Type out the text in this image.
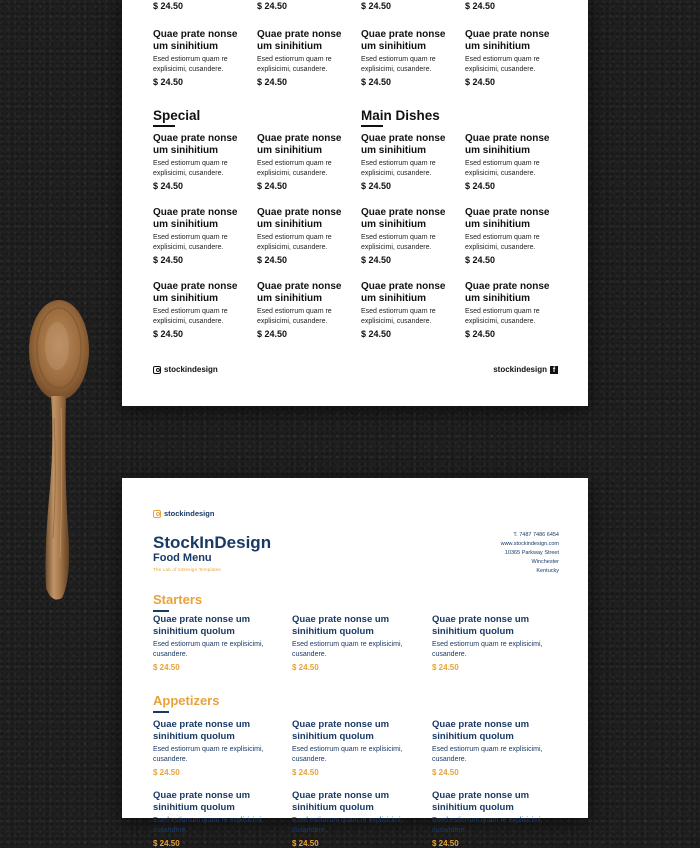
$ 24.50	$ 24.50	$ 24.50	$ 24.50
Special	Main Dishes
Quae prate nonse um sinihitium
Esed estiorrum quam re explisicimi, cusandere.
$ 24.50
Quae prate nonse um sinihitium
Esed estiorrum quam re explisicimi, cusandere.
$ 24.50
Quae prate nonse um sinihitium
Esed estiorrum quam re explisicimi, cusandere.
$ 24.50
Quae prate nonse um sinihitium
Esed estiorrum quam re explisicimi, cusandere.
$ 24.50
Quae prate nonse um sinihitium
Esed estiorrum quam re explisicimi, cusandere.
$ 24.50
Quae prate nonse um sinihitium
Esed estiorrum quam re explisicimi, cusandere.
$ 24.50
Quae prate nonse um sinihitium
Esed estiorrum quam re explisicimi, cusandere.
$ 24.50
Quae prate nonse um sinihitium
Esed estiorrum quam re explisicimi, cusandere.
$ 24.50
Quae prate nonse um sinihitium
Esed estiorrum quam re explisicimi, cusandere.
$ 24.50
Quae prate nonse um sinihitium
Esed estiorrum quam re explisicimi, cusandere.
$ 24.50
Quae prate nonse um sinihitium
Esed estiorrum quam re explisicimi, cusandere.
$ 24.50
Quae prate nonse um sinihitium
Esed estiorrum quam re explisicimi, cusandere.
$ 24.50
Quae prate nonse um sinihitium
Esed estiorrum quam re explisicimi, cusandere.
$ 24.50
Quae prate nonse um sinihitium
Esed estiorrum quam re explisicimi, cusandere.
$ 24.50
Quae prate nonse um sinihitium
Esed estiorrum quam re explisicimi, cusandere.
$ 24.50
Quae prate nonse um sinihitium
Esed estiorrum quam re explisicimi, cusandere.
$ 24.50
stockindesign	stockindesign f
stockindesign
StockInDesign
Food Menu
The Lab of InDesign Templates
T. 7487 7486 6454
www.stockindesign.com
10365 Parkway Street
Winchester
Kentucky
Starters
Appetizers
Quae prate nonse um sinihitium quolum
Esed estiorrum quam re explisicimi, cusandere.
$ 24.50
Quae prate nonse um sinihitium quolum
Esed estiorrum quam re explisicimi, cusandere.
$ 24.50
Quae prate nonse um sinihitium quolum
Esed estiorrum quam re explisicimi, cusandere.
$ 24.50
Quae prate nonse um sinihitium quolum
Esed estiorrum quam re explisicimi, cusandere.
$ 24.50
Quae prate nonse um sinihitium quolum
Esed estiorrum quam re explisicimi, cusandere.
$ 24.50
Quae prate nonse um sinihitium quolum
Esed estiorrum quam re explisicimi, cusandere.
$ 24.50
Quae prate nonse um sinihitium quolum
Esed estiorrum quam re explisicimi, cusandere.
$ 24.50
Quae prate nonse um sinihitium quolum
Esed estiorrum quam re explisicimi, cusandere.
$ 24.50
Quae prate nonse um sinihitium quolum
Esed estiorrum quam re explisicimi, cusandere.
$ 24.50
